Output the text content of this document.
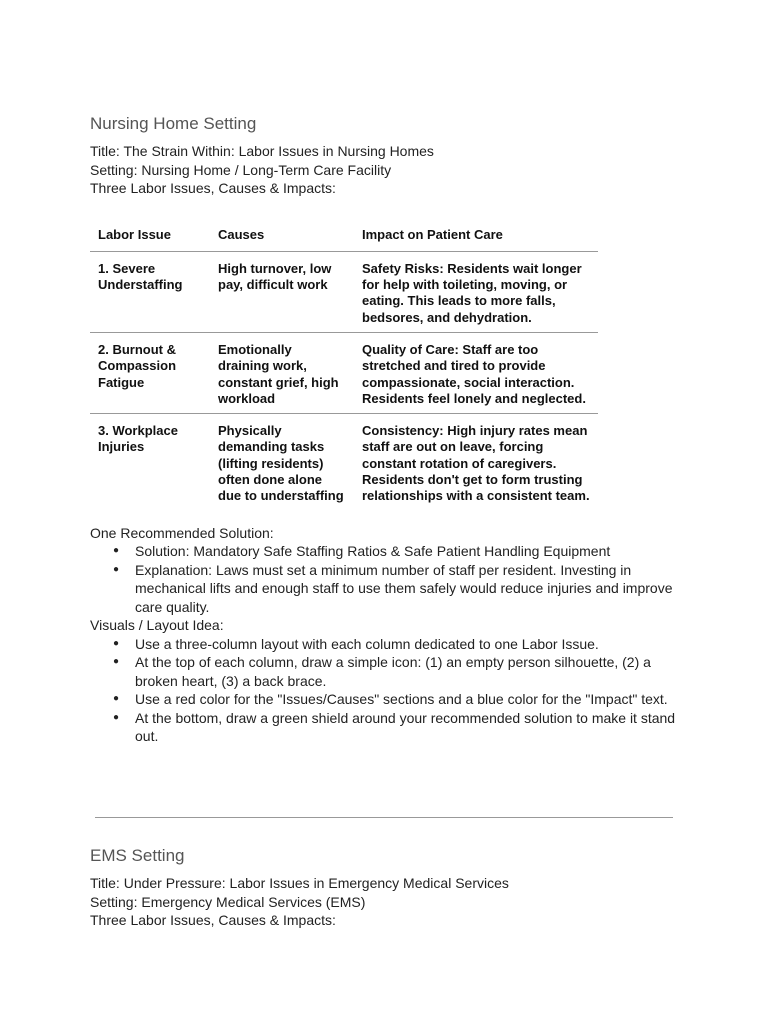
Nursing Home Setting

Title: The Strain Within: Labor Issues in Nursing Homes

Setting: Nursing Home / Long-Term Care Facility

Three Labor Issues, Causes & Impacts:

Labor Issue	Causes	Impact on Patient Care
1. Severe Understaffing	High turnover, low pay, difficult work	Safety Risks: Residents wait longer for help with toileting, moving, or eating. This leads to more falls, bedsores, and dehydration.
2. Burnout & Compassion Fatigue	Emotionally draining work, constant grief, high workload	Quality of Care: Staff are too stretched and tired to provide compassionate, social interaction. Residents feel lonely and neglected.
3. Workplace Injuries	Physically demanding tasks (lifting residents) often done alone due to understaffing	Consistency: High injury rates mean staff are out on leave, forcing constant rotation of caregivers. Residents don't get to form trusting relationships with a consistent team.

One Recommended Solution:

● Solution: Mandatory Safe Staffing Ratios & Safe Patient Handling Equipment
● Explanation: Laws must set a minimum number of staff per resident. Investing in mechanical lifts and enough staff to use them safely would reduce injuries and improve care quality.

Visuals / Layout Idea:

● Use a three-column layout with each column dedicated to one Labor Issue.
● At the top of each column, draw a simple icon: (1) an empty person silhouette, (2) a broken heart, (3) a back brace.
● Use a red color for the "Issues/Causes" sections and a blue color for the "Impact" text.
● At the bottom, draw a green shield around your recommended solution to make it stand out.
EMS Setting

Title: Under Pressure: Labor Issues in Emergency Medical Services

Setting: Emergency Medical Services (EMS)

Three Labor Issues, Causes & Impacts:
